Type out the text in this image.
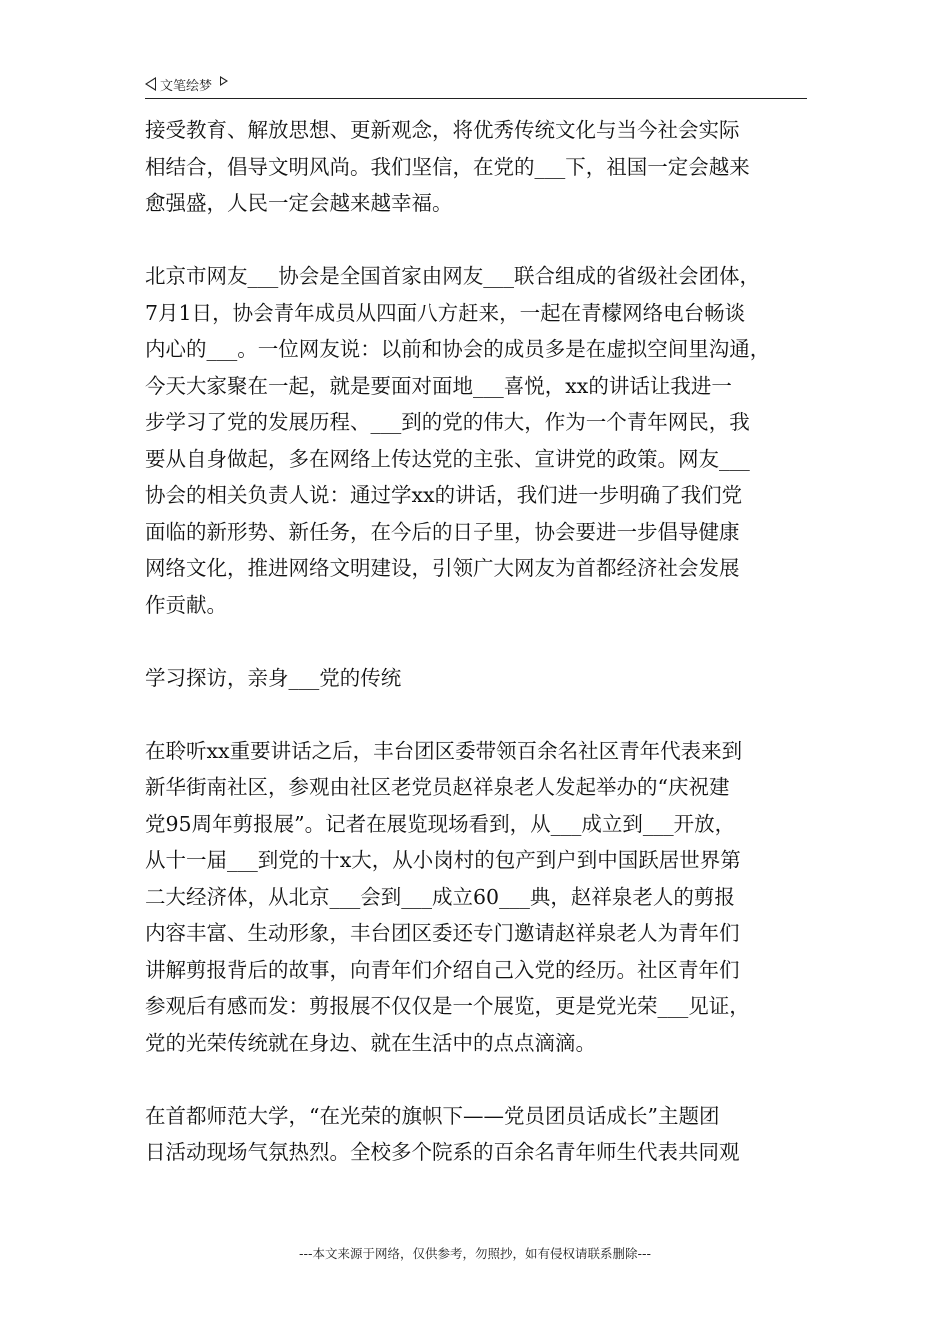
文笔绘梦

接受教育、解放思想、更新观念，将优秀传统文化与当今社会实际
相结合，倡导文明风尚。我们坚信，在党的___下，祖国一定会越来
愈强盛，人民一定会越来越幸福。

北京市网友___协会是全国首家由网友___联合组成的省级社会团体，
7月1日，协会青年成员从四面八方赶来，一起在青檬网络电台畅谈
内心的___。一位网友说：以前和协会的成员多是在虚拟空间里沟通，
今天大家聚在一起，就是要面对面地___喜悦，xx的讲话让我进一
步学习了党的发展历程、___到的党的伟大，作为一个青年网民，我
要从自身做起，多在网络上传达党的主张、宣讲党的政策。网友___
协会的相关负责人说：通过学xx的讲话，我们进一步明确了我们党
面临的新形势、新任务，在今后的日子里，协会要进一步倡导健康
网络文化，推进网络文明建设，引领广大网友为首都经济社会发展
作贡献。

学习探访，亲身___党的传统

在聆听xx重要讲话之后，丰台团区委带领百余名社区青年代表来到
新华街南社区，参观由社区老党员赵祥泉老人发起举办的“庆祝建
党95周年剪报展”。记者在展览现场看到，从___成立到___开放，
从十一届___到党的十x大，从小岗村的包产到户到中国跃居世界第
二大经济体，从北京___会到___成立60___典，赵祥泉老人的剪报
内容丰富、生动形象，丰台团区委还专门邀请赵祥泉老人为青年们
讲解剪报背后的故事，向青年们介绍自己入党的经历。社区青年们
参观后有感而发：剪报展不仅仅是一个展览，更是党光荣___见证，
党的光荣传统就在身边、就在生活中的点点滴滴。

在首都师范大学，“在光荣的旗帜下——党员团员话成长”主题团
日活动现场气氛热烈。全校多个院系的百余名青年师生代表共同观

---本文来源于网络，仅供参考，勿照抄，如有侵权请联系删除---
